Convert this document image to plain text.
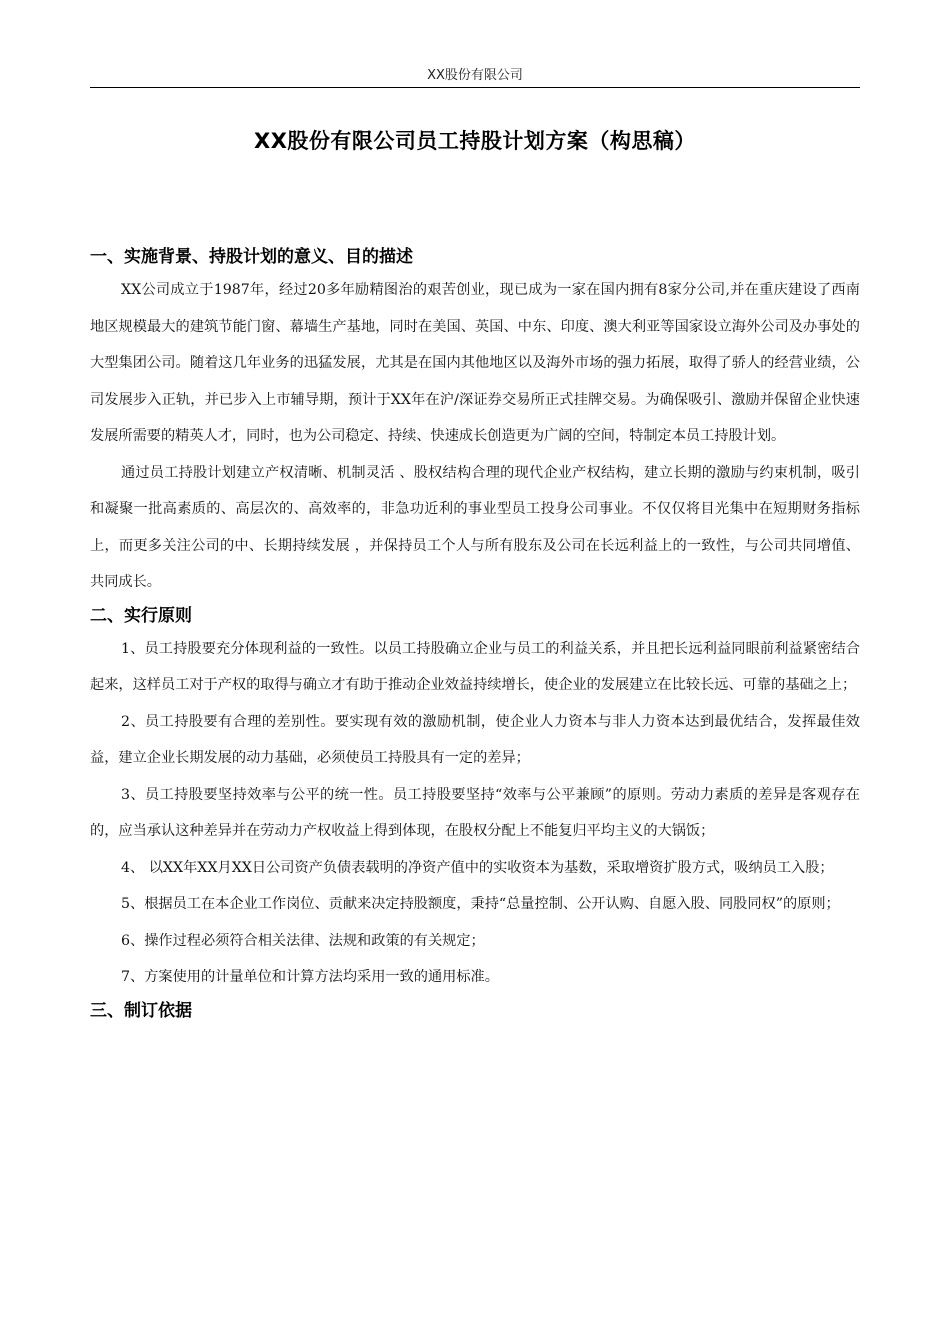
XX股份有限公司
XX股份有限公司员工持股计划方案（构思稿）
一、实施背景、持股计划的意义、目的描述

XX公司成立于1987年，经过20多年励精图治的艰苦创业，现已成为一家在国内拥有8家分公司,并在重庆建设了西南地区规模最大的建筑节能门窗、幕墙生产基地，同时在美国、英国、中东、印度、澳大利亚等国家设立海外公司及办事处的大型集团公司。随着这几年业务的迅猛发展，尤其是在国内其他地区以及海外市场的强力拓展，取得了骄人的经营业绩，公司发展步入正轨，并已步入上市辅导期，预计于XX年在沪/深证券交易所正式挂牌交易。为确保吸引、激励并保留企业快速发展所需要的精英人才，同时，也为公司稳定、持续、快速成长创造更为广阔的空间，特制定本员工持股计划。

通过员工持股计划建立产权清晰、机制灵活 、股权结构合理的现代企业产权结构，建立长期的激励与约束机制，吸引和凝聚一批高素质的、高层次的、高效率的，非急功近利的事业型员工投身公司事业。不仅仅将目光集中在短期财务指标上，而更多关注公司的中、长期持续发展 ，并保持员工个人与所有股东及公司在长远利益上的一致性，与公司共同增值、共同成长。

二、实行原则

1、员工持股要充分体现利益的一致性。以员工持股确立企业与员工的利益关系，并且把长远利益同眼前利益紧密结合起来，这样员工对于产权的取得与确立才有助于推动企业效益持续增长，使企业的发展建立在比较长远、可靠的基础之上；

2、员工持股要有合理的差别性。要实现有效的激励机制，使企业人力资本与非人力资本达到最优结合，发挥最佳效益，建立企业长期发展的动力基础，必须使员工持股具有一定的差异；

3、员工持股要坚持效率与公平的统一性。员工持股要坚持“效率与公平兼顾”的原则。劳动力素质的差异是客观存在的，应当承认这种差异并在劳动力产权收益上得到体现，在股权分配上不能复归平均主义的大锅饭；

4、 以XX年XX月XX日公司资产负债表载明的净资产值中的实收资本为基数，采取增资扩股方式，吸纳员工入股；

5、根据员工在本企业工作岗位、贡献来决定持股额度，秉持“总量控制、公开认购、自愿入股、同股同权”的原则；

6、操作过程必须符合相关法律、法规和政策的有关规定；

7、方案使用的计量单位和计算方法均采用一致的通用标准。

三、制订依据
